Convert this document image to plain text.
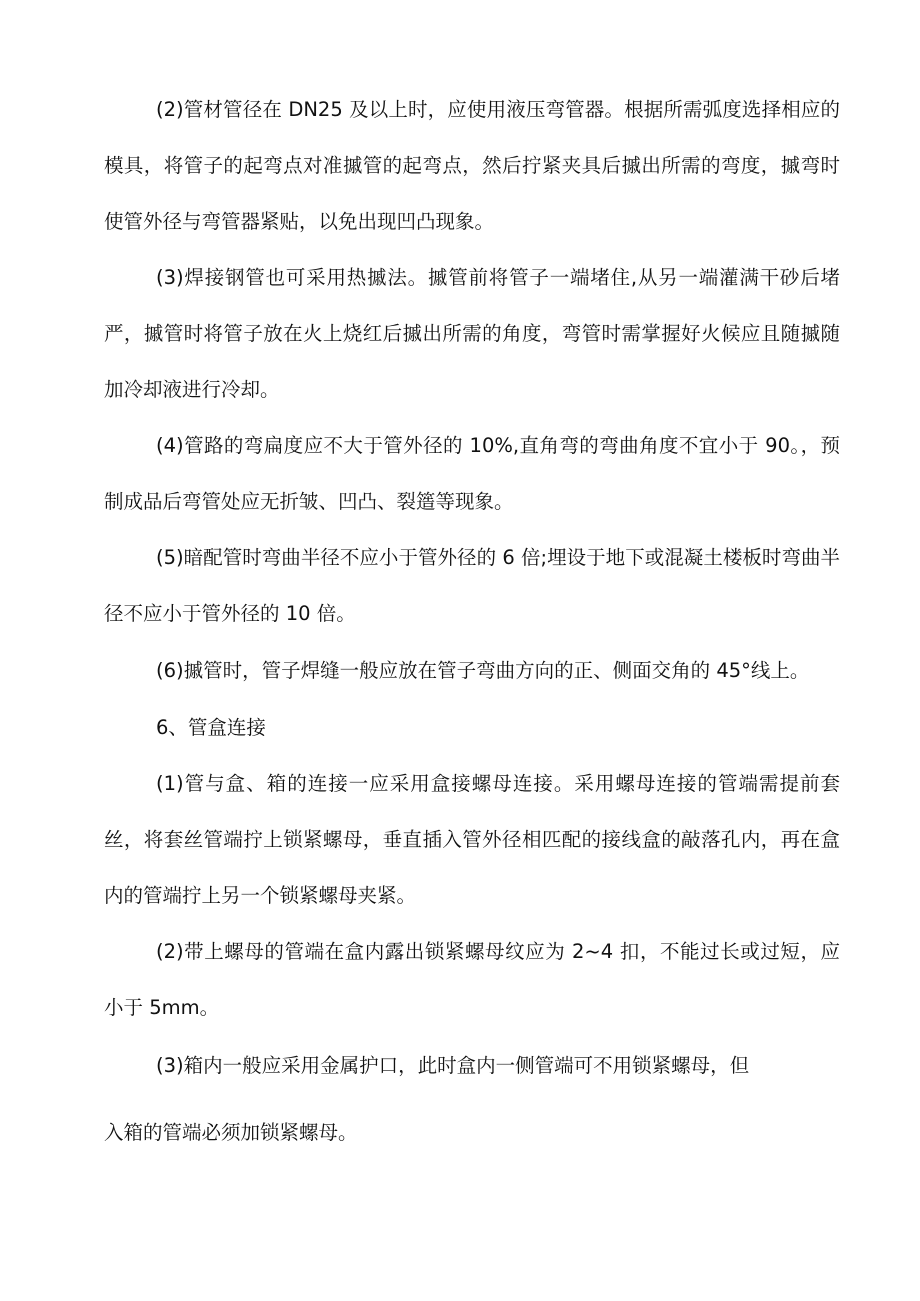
(2)管材管径在 DN25 及以上时，应使用液压弯管器。根据所需弧度选择相应的模具，将管子的起弯点对准摵管的起弯点，然后拧紧夹具后摵出所需的弯度，摵弯时使管外径与弯管器紧贴，以免出现凹凸现象。

(3)焊接钢管也可采用热摵法。摵管前将管子一端堵住,从另一端灌满干砂后堵严，摵管时将管子放在火上烧红后摵出所需的角度，弯管时需掌握好火候应且随摵随加冷却液进行冷却。

(4)管路的弯扁度应不大于管外径的 10%,直角弯的弯曲角度不宜小于 90。，预制成品后弯管处应无折皱、凹凸、裂簉等现象。

(5)暗配管时弯曲半径不应小于管外径的 6 倍;埋设于地下或混凝土楼板时弯曲半径不应小于管外径的 10 倍。

(6)摵管时，管子焊缝一般应放在管子弯曲方向的正、侧面交角的 45°线上。

6、管盒连接

(1)管与盒、箱的连接一应采用盒接螺母连接。采用螺母连接的管端需提前套丝，将套丝管端拧上锁紧螺母，垂直插入管外径相匹配的接线盒的敲落孔内，再在盒内的管端拧上另一个锁紧螺母夹紧。

(2)带上螺母的管端在盒内露出锁紧螺母纹应为 2~4 扣，不能过长或过短，应小于 5mm。

(3)箱内一般应采用金属护口，此时盒内一侧管端可不用锁紧螺母，但

入箱的管端必须加锁紧螺母。
